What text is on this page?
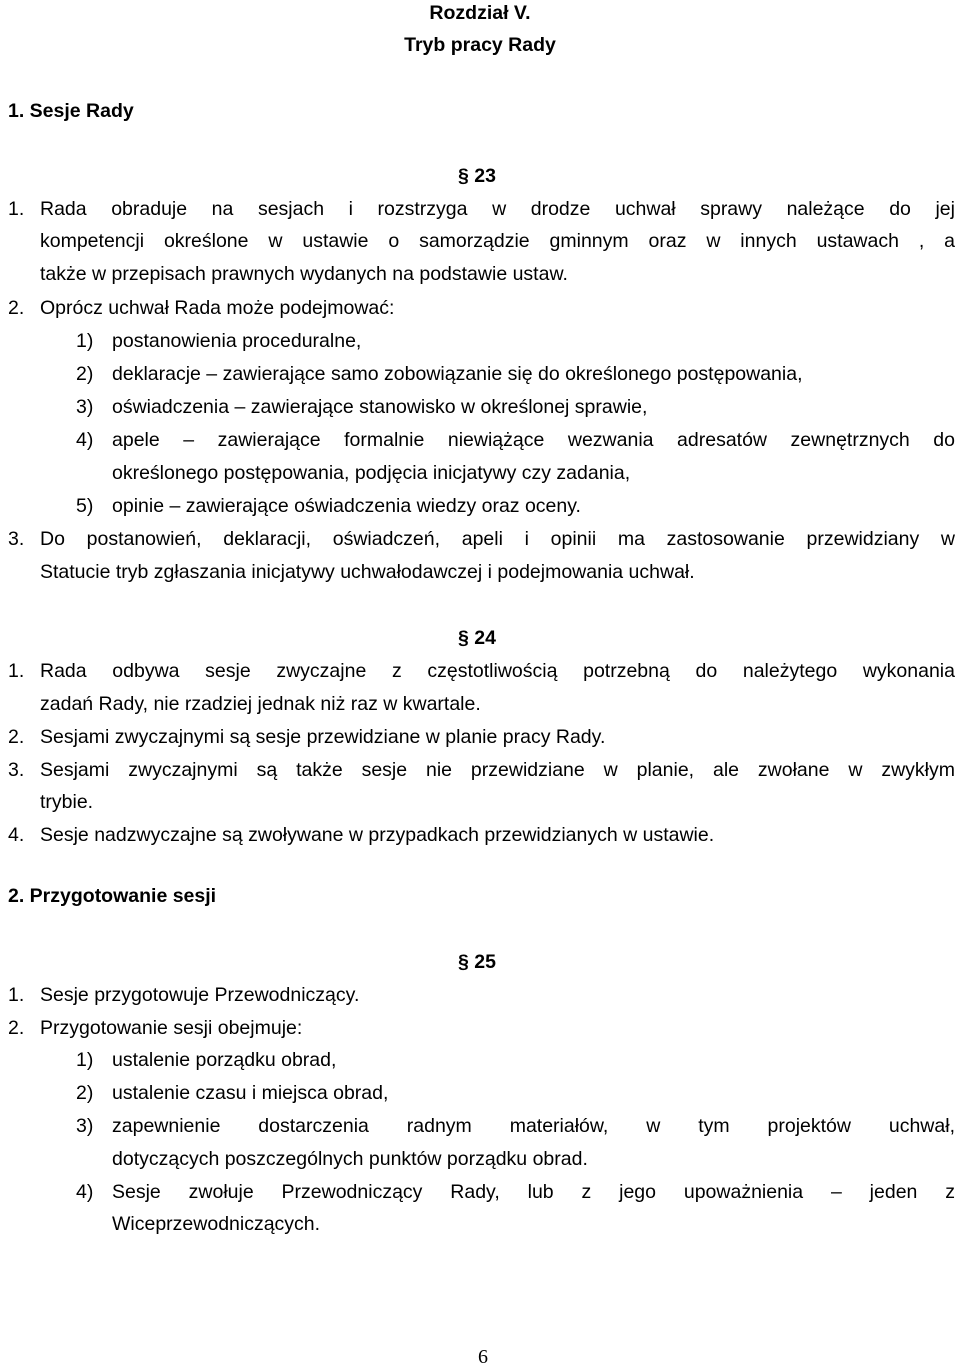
Rozdział V.
Tryb pracy Rady
1. Sesje Rady
§ 23
1. Rada obraduje na sesjach i rozstrzyga w drodze uchwał sprawy należące do jej
kompetencji określone w ustawie o samorządzie gminnym oraz w innych ustawach , a
także w przepisach prawnych wydanych na podstawie ustaw.
2. Oprócz uchwał Rada może podejmować:
1) postanowienia proceduralne,
2) deklaracje – zawierające samo zobowiązanie się do określonego postępowania,
3) oświadczenia – zawierające stanowisko w określonej sprawie,
4) apele – zawierające formalnie niewiążące wezwania adresatów zewnętrznych do
określonego postępowania, podjęcia inicjatywy czy zadania,
5) opinie – zawierające oświadczenia wiedzy oraz oceny.
3. Do postanowień, deklaracji, oświadczeń, apeli i opinii ma zastosowanie przewidziany w
Statucie tryb zgłaszania inicjatywy uchwałodawczej i podejmowania uchwał.
§ 24
1. Rada odbywa sesje zwyczajne z częstotliwością potrzebną do należytego wykonania
zadań Rady, nie rzadziej jednak niż raz w kwartale.
2. Sesjami zwyczajnymi są sesje przewidziane w planie pracy Rady.
3. Sesjami zwyczajnymi są także sesje nie przewidziane w planie, ale zwołane w zwykłym
trybie.
4. Sesje nadzwyczajne są zwoływane w przypadkach przewidzianych w ustawie.
2. Przygotowanie sesji
§ 25
1. Sesje przygotowuje Przewodniczący.
2. Przygotowanie sesji obejmuje:
1) ustalenie porządku obrad,
2) ustalenie czasu i miejsca obrad,
3) zapewnienie dostarczenia radnym materiałów, w tym projektów uchwał,
dotyczących poszczególnych punktów porządku obrad.
4) Sesje zwołuje Przewodniczący Rady, lub z jego upoważnienia – jeden z
Wiceprzewodniczących.
6
